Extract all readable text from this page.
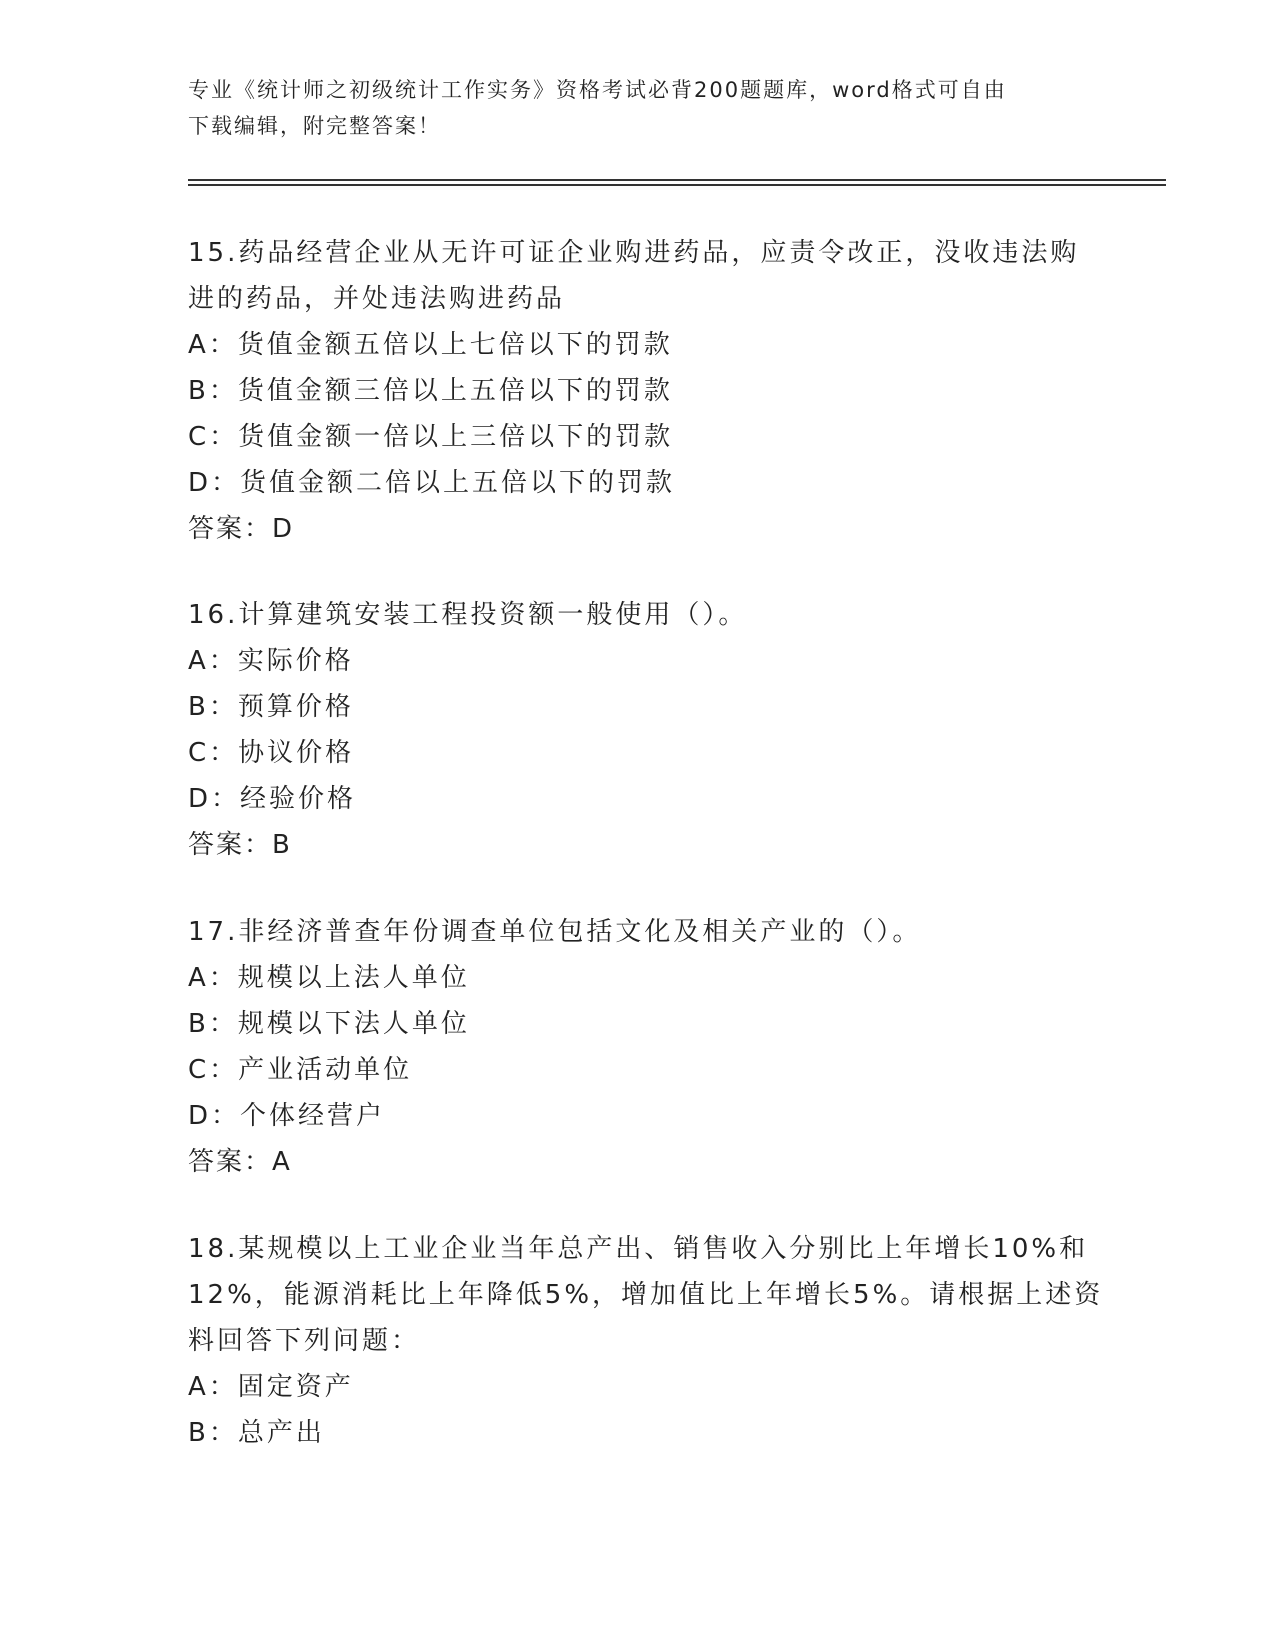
专业《统计师之初级统计工作实务》资格考试必背200题题库，word格式可自由
下载编辑，附完整答案！
15.药品经营企业从无许可证企业购进药品，应责令改正，没收违法购
进的药品，并处违法购进药品
A：货值金额五倍以上七倍以下的罚款
B：货值金额三倍以上五倍以下的罚款
C：货值金额一倍以上三倍以下的罚款
D：货值金额二倍以上五倍以下的罚款
答案：D
16.计算建筑安装工程投资额一般使用（）。
A：实际价格
B：预算价格
C：协议价格
D：经验价格
答案：B
17.非经济普查年份调查单位包括文化及相关产业的（）。
A：规模以上法人单位
B：规模以下法人单位
C：产业活动单位
D：个体经营户
答案：A
18.某规模以上工业企业当年总产出、销售收入分别比上年增长10%和
12%，能源消耗比上年降低5%，增加值比上年增长5%。请根据上述资
料回答下列问题：
A：固定资产
B：总产出
